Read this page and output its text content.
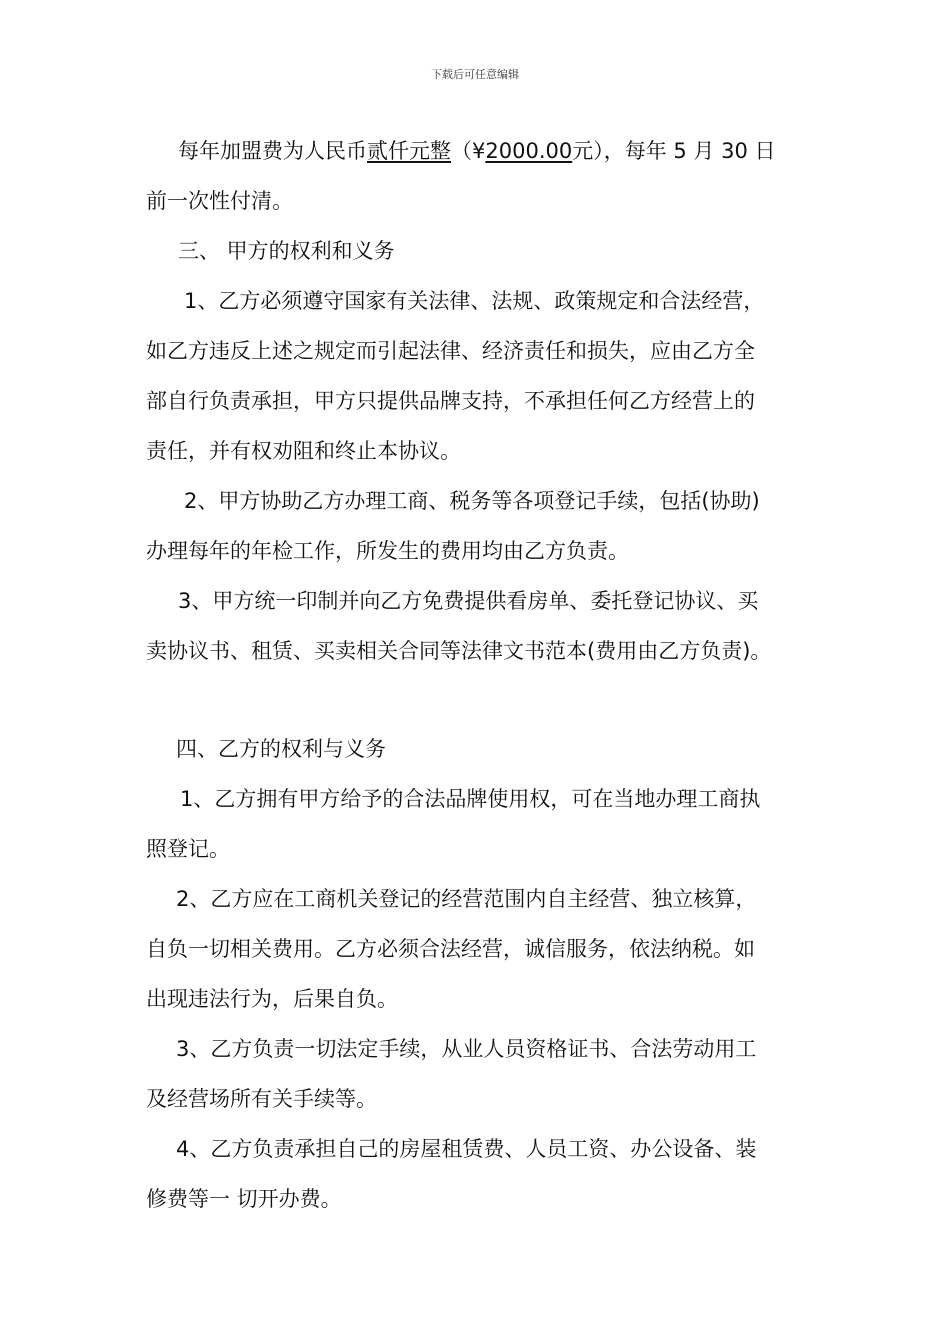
下载后可任意编辑
每年加盟费为人民币贰仟元整（¥2000.00元），每年 5 月 30 日
前一次性付清。
三、 甲方的权利和义务
1、乙方必须遵守国家有关法律、法规、政策规定和合法经营，
如乙方违反上述之规定而引起法律、经济责任和损失，应由乙方全
部自行负责承担，甲方只提供品牌支持，不承担任何乙方经营上的
责任，并有权劝阻和终止本协议。
2、甲方协助乙方办理工商、税务等各项登记手续，包括(协助)
办理每年的年检工作，所发生的费用均由乙方负责。
3、甲方统一印制并向乙方免费提供看房单、委托登记协议、买
卖协议书、租赁、买卖相关合同等法律文书范本(费用由乙方负责)。
四、乙方的权利与义务
1、乙方拥有甲方给予的合法品牌使用权，可在当地办理工商执
照登记。
2、乙方应在工商机关登记的经营范围内自主经营、独立核算，
自负一切相关费用。乙方必须合法经营，诚信服务，依法纳税。如
出现违法行为，后果自负。
3、乙方负责一切法定手续，从业人员资格证书、合法劳动用工
及经营场所有关手续等。
4、乙方负责承担自己的房屋租赁费、人员工资、办公设备、装
修费等一 切开办费。
